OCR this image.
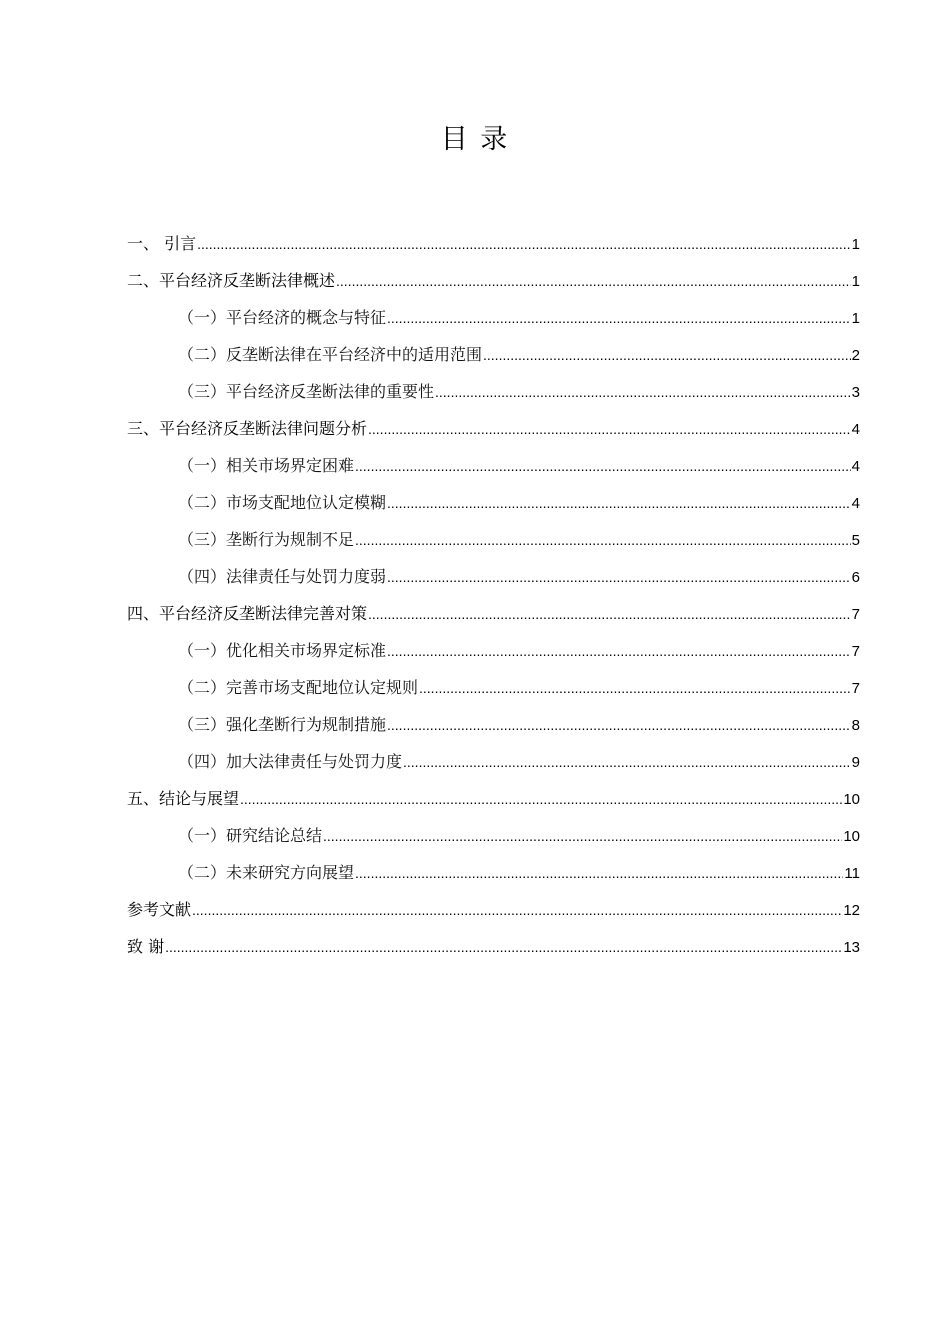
目 录
一、 引言 .....	1
二、平台经济反垄断法律概述 .....	1
（一）平台经济的概念与特征 .....	1
（二）反垄断法律在平台经济中的适用范围 .....	2
（三）平台经济反垄断法律的重要性 .....	3
三、平台经济反垄断法律问题分析 .....	4
（一）相关市场界定困难 .....	4
（二）市场支配地位认定模糊 .....	4
（三）垄断行为规制不足 .....	5
（四）法律责任与处罚力度弱 .....	6
四、平台经济反垄断法律完善对策 .....	7
（一）优化相关市场界定标准 .....	7
（二）完善市场支配地位认定规则 .....	7
（三）强化垄断行为规制措施 .....	8
（四）加大法律责任与处罚力度 .....	9
五、结论与展望 .....	10
（一）研究结论总结 .....	10
（二）未来研究方向展望 .....	11
参考文献 .....	12
致 谢 .....	13
